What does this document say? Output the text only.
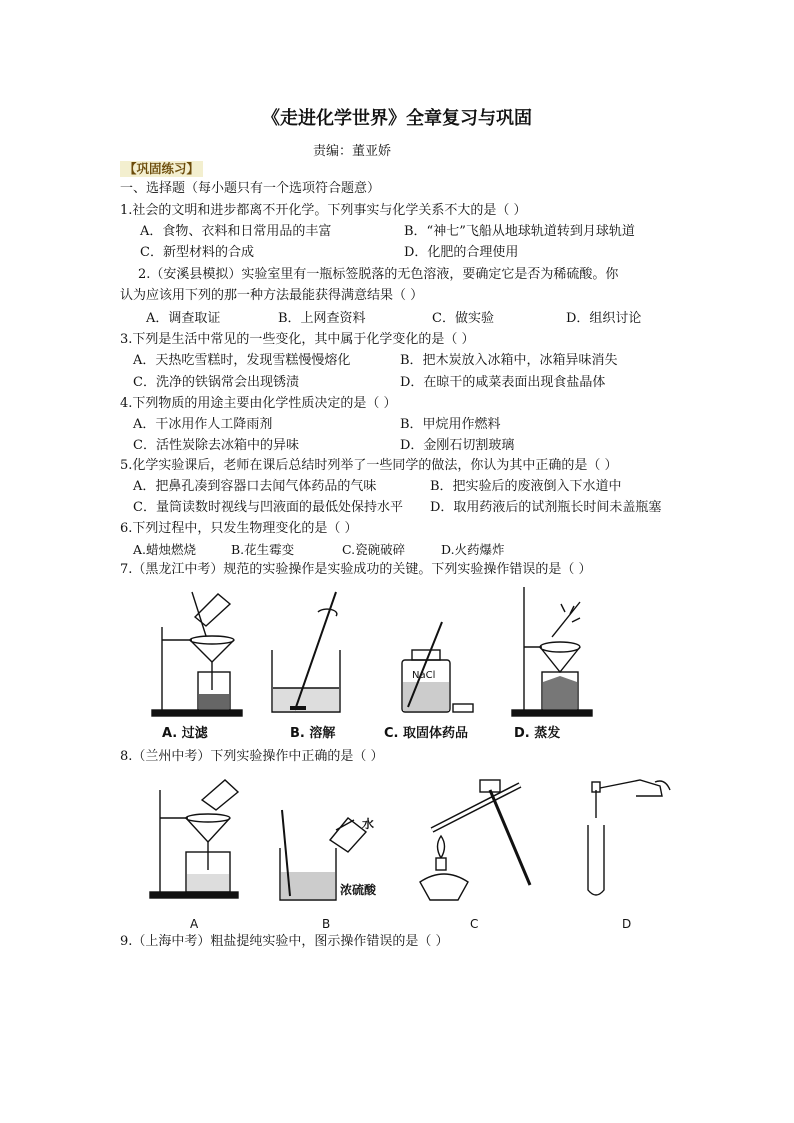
《走进化学世界》全章复习与巩固
责编：董亚娇
【巩固练习】
一、选择题（每小题只有一个选项符合题意）
1.社会的文明和进步都离不开化学。下列事实与化学关系不大的是（ ）
A．食物、衣料和日常用品的丰富	B．“神七”飞船从地球轨道转到月球轨道
C．新型材料的合成	D．化肥的合理使用
2.（安溪县模拟）实验室里有一瓶标签脱落的无色溶液，要确定它是否为稀硫酸。你
认为应该用下列的那一种方法最能获得满意结果（ ）
A．调查取证	B．上网查资料	C．做实验	D．组织讨论
3.下列是生活中常见的一些变化，其中属于化学变化的是（ ）
A．天热吃雪糕时，发现雪糕慢慢熔化	B．把木炭放入冰箱中，冰箱异味消失
C．洗净的铁锅常会出现锈渍	D．在晾干的咸菜表面出现食盐晶体
4.下列物质的用途主要由化学性质决定的是（ ）
A．干冰用作人工降雨剂	B．甲烷用作燃料
C．活性炭除去冰箱中的异味	D．金刚石切割玻璃
5.化学实验课后，老师在课后总结时列举了一些同学的做法，你认为其中正确的是（ ）
A．把鼻孔凑到容器口去闻气体药品的气味	B．把实验后的废液倒入下水道中
C．量筒读数时视线与凹液面的最低处保持水平 D．取用药液后的试剂瓶长时间未盖瓶塞
6.下列过程中，只发生物理变化的是（ ）
A.蜡烛燃烧	B.花生霉变	C.瓷碗破碎	D.火药爆炸
7.（黑龙江中考）规范的实验操作是实验成功的关键。下列实验操作错误的是（ ）
A. 过滤	B. 溶解
NaCl
C. 取固体药品	D. 蒸发
8.（兰州中考）下列实验操作中正确的是（ ）
A
水
浓硫酸
B	C	D
9.（上海中考）粗盐提纯实验中，图示操作错误的是（ ）
